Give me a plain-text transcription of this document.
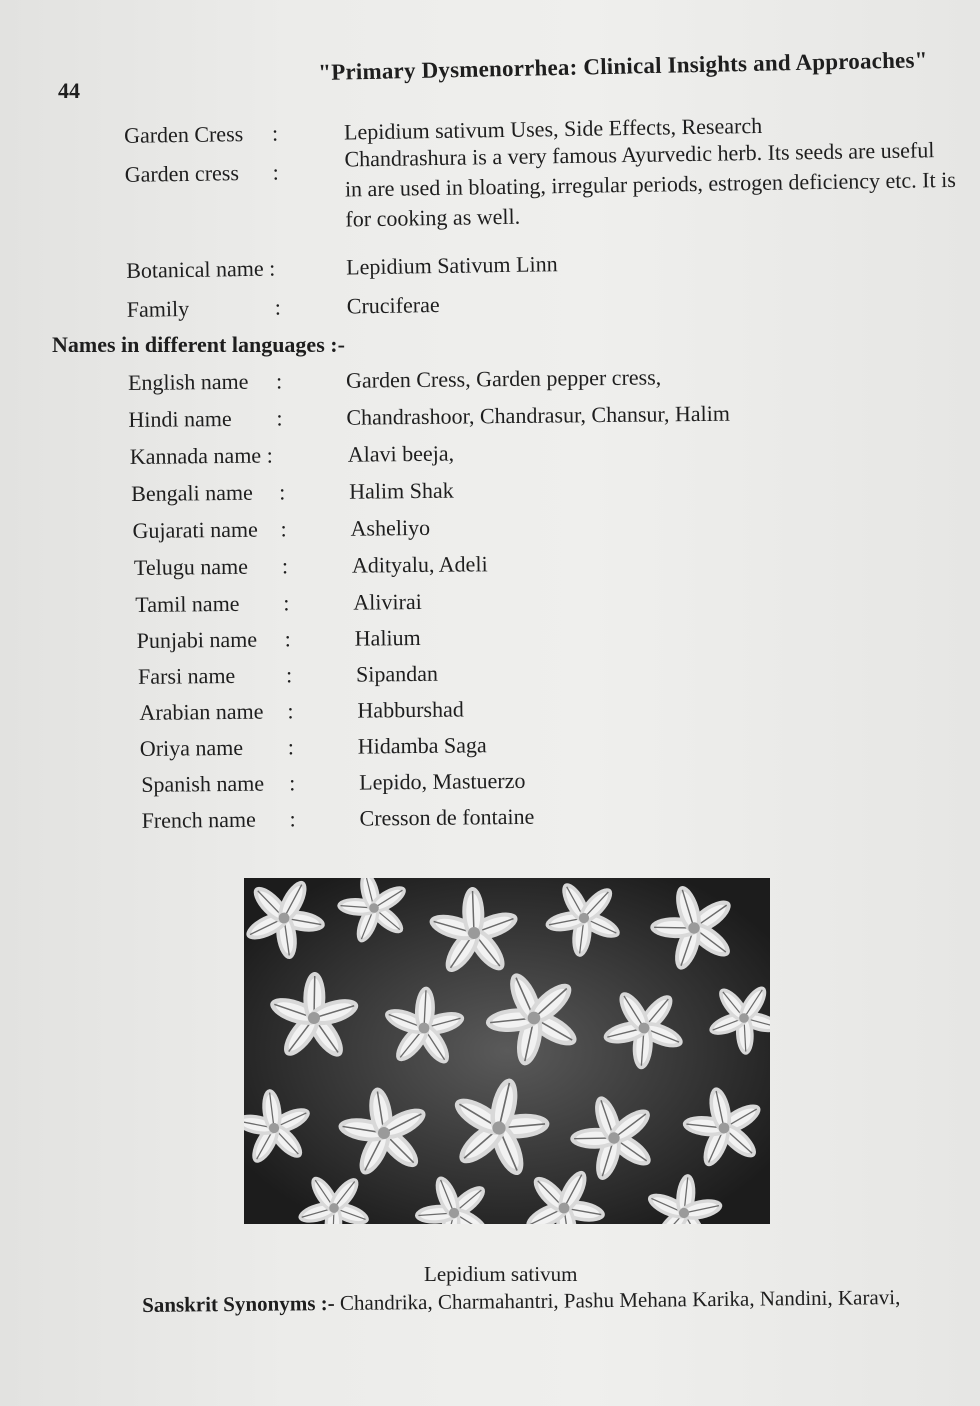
44
"Primary Dysmenorrhea: Clinical Insights and Approaches"
Garden Cress :	Lepidium sativum Uses, Side Effects, Research
Garden cress :
Chandrashura is a very famous Ayurvedic herb. Its seeds are useful in are used in bloating, irregular periods, estrogen deficiency etc. It is for cooking as well.
Botanical name :	Lepidium Sativum Linn
Family	:	Cruciferae
Names in different languages :-
English name :	Garden Cress, Garden pepper cress,
Hindi name :	Chandrashoor, Chandrasur, Chansur, Halim
Kannada name :	Alavi beeja,
Bengali name :	Halim Shak
Gujarati name :	Asheliyo
Telugu name :	Adityalu, Adeli
Tamil name :	Alivirai
Punjabi name :	Halium
Farsi name :	Sipandan
Arabian name :	Habburshad
Oriya name :	Hidamba Saga
Spanish name :	Lepido, Mastuerzo
French name :	Cresson de fontaine
Lepidium sativum
Sanskrit Synonyms :- Chandrika, Charmahantri, Pashu Mehana Karika, Nandini, Karavi,
